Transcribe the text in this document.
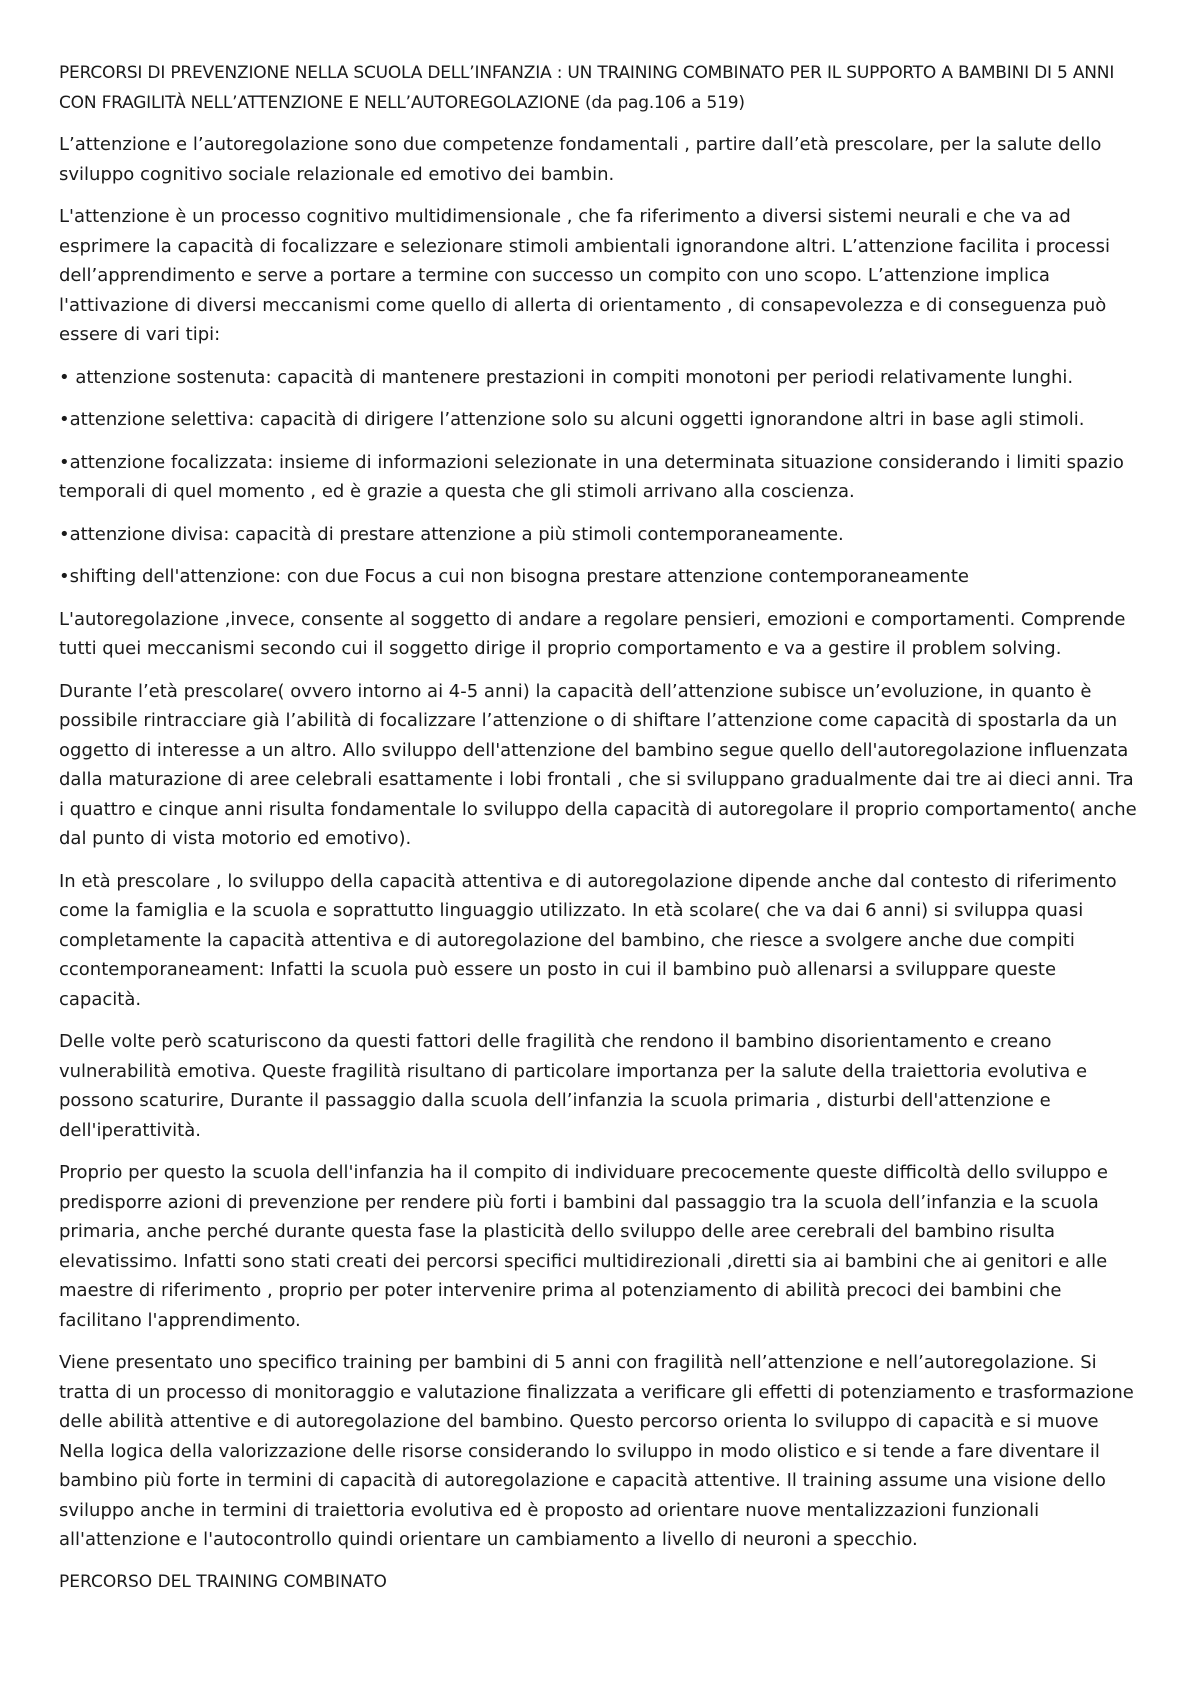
PERCORSI DI PREVENZIONE NELLA SCUOLA DELL’INFANZIA : UN TRAINING COMBINATO PER IL SUPPORTO A BAMBINI DI 5 ANNI CON FRAGILITÀ NELL’ATTENZIONE E NELL’AUTOREGOLAZIONE (da pag.106 a 519)

L’attenzione e l’autoregolazione sono due competenze fondamentali , partire dall’età prescolare, per la salute dello sviluppo cognitivo sociale relazionale ed emotivo dei bambin.

L'attenzione è un processo cognitivo multidimensionale , che fa riferimento a diversi sistemi neurali e che va ad esprimere la capacità di focalizzare e selezionare stimoli ambientali ignorandone altri. L’attenzione facilita i processi dell’apprendimento e serve a portare a termine con successo un compito con uno scopo. L’attenzione implica l'attivazione di diversi meccanismi come quello di allerta di orientamento , di consapevolezza e di conseguenza può essere di vari tipi:

• attenzione sostenuta: capacità di mantenere prestazioni in compiti monotoni per periodi relativamente lunghi.

•attenzione selettiva: capacità di dirigere l’attenzione solo su alcuni oggetti ignorandone altri in base agli stimoli.

•attenzione focalizzata: insieme di informazioni selezionate in una determinata situazione considerando i limiti spazio temporali di quel momento , ed è grazie a questa che gli stimoli arrivano alla coscienza.

•attenzione divisa: capacità di prestare attenzione a più stimoli contemporaneamente.

•shifting dell'attenzione: con due Focus a cui non bisogna prestare attenzione contemporaneamente

L'autoregolazione ,invece, consente al soggetto di andare a regolare pensieri, emozioni e comportamenti. Comprende tutti quei meccanismi secondo cui il soggetto dirige il proprio comportamento e va a gestire il problem solving.

Durante l’età prescolare( ovvero intorno ai 4-5 anni) la capacità dell’attenzione subisce un’evoluzione, in quanto è possibile rintracciare già l’abilità di focalizzare l’attenzione o di shiftare l’attenzione come capacità di spostarla da un oggetto di interesse a un altro. Allo sviluppo dell'attenzione del bambino segue quello dell'autoregolazione influenzata dalla maturazione di aree celebrali esattamente i lobi frontali , che si sviluppano gradualmente dai tre ai dieci anni. Tra i quattro e cinque anni risulta fondamentale lo sviluppo della capacità di autoregolare il proprio comportamento( anche dal punto di vista motorio ed emotivo).

In età prescolare , lo sviluppo della capacità attentiva e di autoregolazione dipende anche dal contesto di riferimento come la famiglia e la scuola e soprattutto linguaggio utilizzato. In età scolare( che va dai 6 anni) si sviluppa quasi completamente la capacità attentiva e di autoregolazione del bambino, che riesce a svolgere anche due compiti ccontemporaneament: Infatti la scuola può essere un posto in cui il bambino può allenarsi a sviluppare queste capacità.

Delle volte però scaturiscono da questi fattori delle fragilità che rendono il bambino disorientamento e creano vulnerabilità emotiva. Queste fragilità risultano di particolare importanza per la salute della traiettoria evolutiva e possono scaturire, Durante il passaggio dalla scuola dell’infanzia la scuola primaria , disturbi dell'attenzione e dell'iperattività.

Proprio per questo la scuola dell'infanzia ha il compito di individuare precocemente queste difficoltà dello sviluppo e predisporre azioni di prevenzione per rendere più forti i bambini dal passaggio tra la scuola dell’infanzia e la scuola primaria, anche perché durante questa fase la plasticità dello sviluppo delle aree cerebrali del bambino risulta elevatissimo. Infatti sono stati creati dei percorsi specifici multidirezionali ,diretti sia ai bambini che ai genitori e alle maestre di riferimento , proprio per poter intervenire prima al potenziamento di abilità precoci dei bambini che facilitano l'apprendimento.

Viene presentato uno specifico training per bambini di 5 anni con fragilità nell’attenzione e nell’autoregolazione. Si tratta di un processo di monitoraggio e valutazione finalizzata a verificare gli effetti di potenziamento e trasformazione delle abilità attentive e di autoregolazione del bambino. Questo percorso orienta lo sviluppo di capacità e si muove Nella logica della valorizzazione delle risorse considerando lo sviluppo in modo olistico e si tende a fare diventare il bambino più forte in termini di capacità di autoregolazione e capacità attentive. Il training assume una visione dello sviluppo anche in termini di traiettoria evolutiva ed è proposto ad orientare nuove mentalizzazioni funzionali all'attenzione e l'autocontrollo quindi orientare un cambiamento a livello di neuroni a specchio.

PERCORSO DEL TRAINING COMBINATO
